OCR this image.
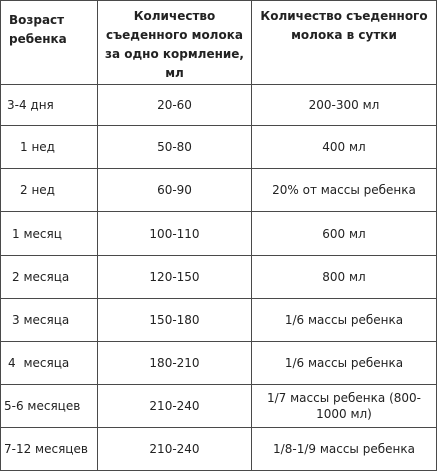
Возраст ребенка	Количество съеденного молока за одно кормление, мл	Количество съеденного молока в сутки
3-4 дня	20-60	200-300 мл
1 нед	50-80	400 мл
2 нед	60-90	20% от массы ребенка
1 месяц	100-110	600 мл
2 месяца	120-150	800 мл
3 месяца	150-180	1/6 массы ребенка
4 месяца	180-210	1/6 массы ребенка
5-6 месяцев	210-240	1/7 массы ребенка (800-1000 мл)
7-12 месяцев	210-240	1/8-1/9 массы ребенка
